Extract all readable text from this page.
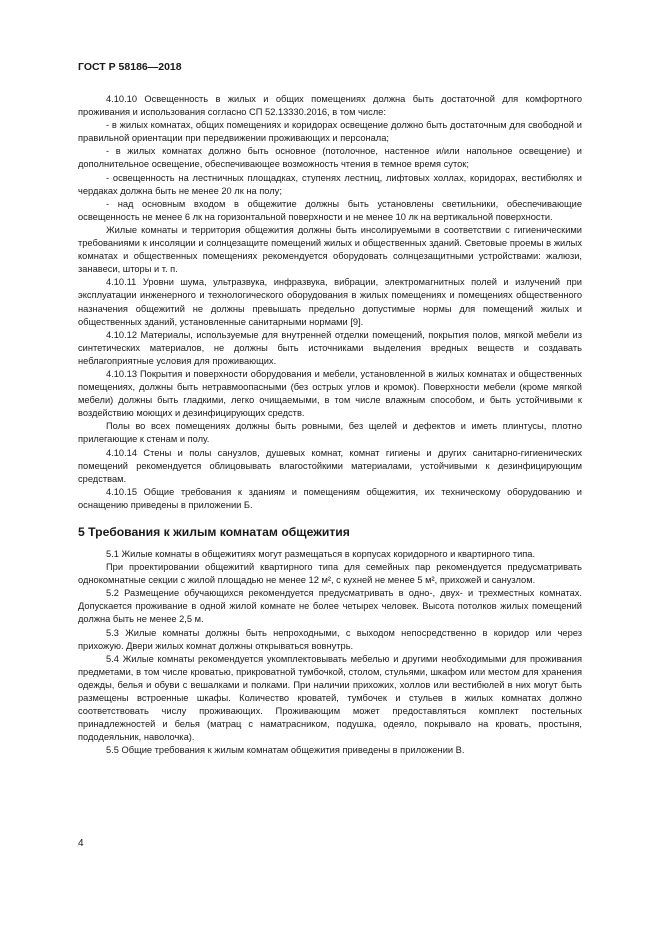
ГОСТ Р 58186—2018

4.10.10 Освещенность в жилых и общих помещениях должна быть достаточной для комфортного проживания и использования согласно СП 52.13330.2016, в том числе:

- в жилых комнатах, общих помещениях и коридорах освещение должно быть достаточным для свободной и правильной ориентации при передвижении проживающих и персонала;

- в жилых комнатах должно быть основное (потолочное, настенное и/или напольное освещение) и дополнительное освещение, обеспечивающее возможность чтения в темное время суток;

- освещенность на лестничных площадках, ступенях лестниц, лифтовых холлах, коридорах, вестибюлях и чердаках должна быть не менее 20 лк на полу;

- над основным входом в общежитие должны быть установлены светильники, обеспечивающие освещенность не менее 6 лк на горизонтальной поверхности и не менее 10 лк на вертикальной поверхности.

Жилые комнаты и территория общежития должны быть инсолируемыми в соответствии с гигиеническими требованиями к инсоляции и солнцезащите помещений жилых и общественных зданий. Световые проемы в жилых комнатах и общественных помещениях рекомендуется оборудовать солнцезащитными устройствами: жалюзи, занавеси, шторы и т. п.

4.10.11 Уровни шума, ультразвука, инфразвука, вибрации, электромагнитных полей и излучений при эксплуатации инженерного и технологического оборудования в жилых помещениях и помещениях общественного назначения общежитий не должны превышать предельно допустимые нормы для помещений жилых и общественных зданий, установленные санитарными нормами [9].

4.10.12 Материалы, используемые для внутренней отделки помещений, покрытия полов, мягкой мебели из синтетических материалов, не должны быть источниками выделения вредных веществ и создавать неблагоприятные условия для проживающих.

4.10.13 Покрытия и поверхности оборудования и мебели, установленной в жилых комнатах и общественных помещениях, должны быть нетравмоопасными (без острых углов и кромок). Поверхности мебели (кроме мягкой мебели) должны быть гладкими, легко очищаемыми, в том числе влажным способом, и быть устойчивыми к воздействию моющих и дезинфицирующих средств.

Полы во всех помещениях должны быть ровными, без щелей и дефектов и иметь плинтусы, плотно прилегающие к стенам и полу.

4.10.14 Стены и полы санузлов, душевых комнат, комнат гигиены и других санитарно-гигиенических помещений рекомендуется облицовывать влагостойкими материалами, устойчивыми к дезинфицирующим средствам.

4.10.15 Общие требования к зданиям и помещениям общежития, их техническому оборудованию и оснащению приведены в приложении Б.

5 Требования к жилым комнатам общежития

5.1 Жилые комнаты в общежитиях могут размещаться в корпусах коридорного и квартирного типа.

При проектировании общежитий квартирного типа для семейных пар рекомендуется предусматривать однокомнатные секции с жилой площадью не менее 12 м², с кухней не менее 5 м², прихожей и санузлом.

5.2 Размещение обучающихся рекомендуется предусматривать в одно-, двух- и трехместных комнатах. Допускается проживание в одной жилой комнате не более четырех человек. Высота потолков жилых помещений должна быть не менее 2,5 м.

5.3 Жилые комнаты должны быть непроходными, с выходом непосредственно в коридор или через прихожую. Двери жилых комнат должны открываться вовнутрь.

5.4 Жилые комнаты рекомендуется укомплектовывать мебелью и другими необходимыми для проживания предметами, в том числе кроватью, прикроватной тумбочкой, столом, стульями, шкафом или местом для хранения одежды, белья и обуви с вешалками и полками. При наличии прихожих, холлов или вестибюлей в них могут быть размещены встроенные шкафы. Количество кроватей, тумбочек и стульев в жилых комнатах должно соответствовать числу проживающих. Проживающим может предоставляться комплект постельных принадлежностей и белья (матрац с наматрасником, подушка, одеяло, покрывало на кровать, простыня, пододеяльник, наволочка).

5.5 Общие требования к жилым комнатам общежития приведены в приложении В.

4
